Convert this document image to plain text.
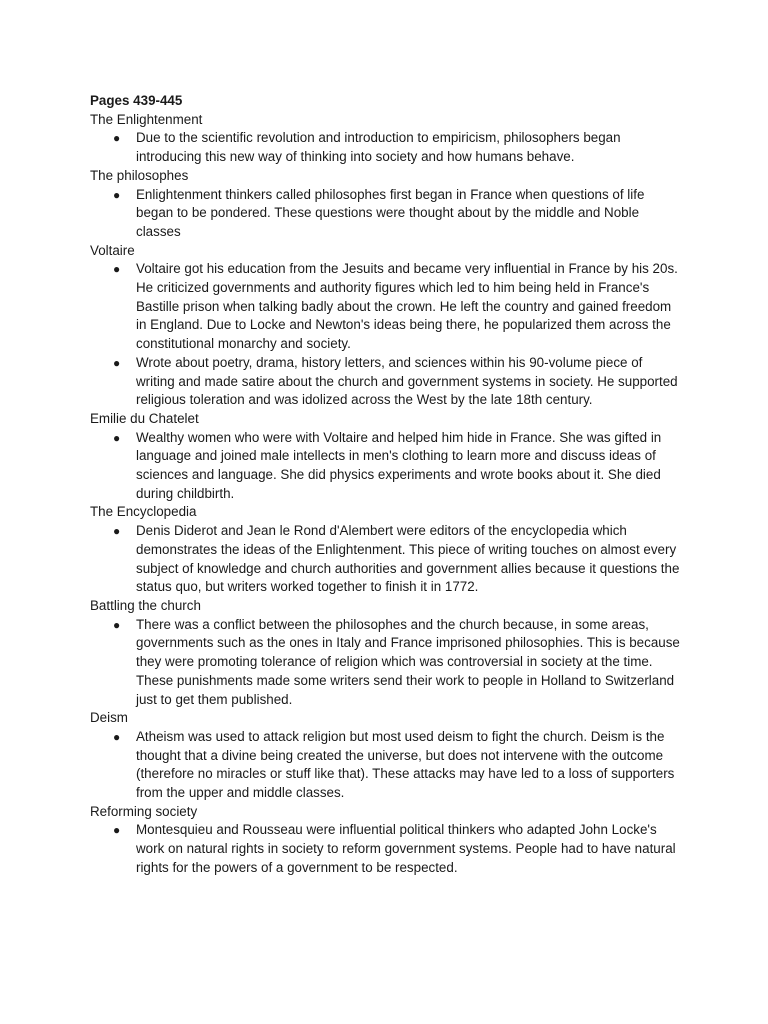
Pages 439-445
The Enlightenment
● Due to the scientific revolution and introduction to empiricism, philosophers began introducing this new way of thinking into society and how humans behave.
The philosophes
● Enlightenment thinkers called philosophes first began in France when questions of life began to be pondered. These questions were thought about by the middle and Noble classes
Voltaire
● Voltaire got his education from the Jesuits and became very influential in France by his 20s. He criticized governments and authority figures which led to him being held in France's Bastille prison when talking badly about the crown. He left the country and gained freedom in England. Due to Locke and Newton's ideas being there, he popularized them across the constitutional monarchy and society.
● Wrote about poetry, drama, history letters, and sciences within his 90-volume piece of writing and made satire about the church and government systems in society. He supported religious toleration and was idolized across the West by the late 18th century.
Emilie du Chatelet
● Wealthy women who were with Voltaire and helped him hide in France. She was gifted in language and joined male intellects in men's clothing to learn more and discuss ideas of sciences and language. She did physics experiments and wrote books about it. She died during childbirth.
The Encyclopedia
● Denis Diderot and Jean le Rond d'Alembert were editors of the encyclopedia which demonstrates the ideas of the Enlightenment. This piece of writing touches on almost every subject of knowledge and church authorities and government allies because it questions the status quo, but writers worked together to finish it in 1772.
Battling the church
● There was a conflict between the philosophes and the church because, in some areas, governments such as the ones in Italy and France imprisoned philosophies. This is because they were promoting tolerance of religion which was controversial in society at the time. These punishments made some writers send their work to people in Holland to Switzerland just to get them published.
Deism
● Atheism was used to attack religion but most used deism to fight the church. Deism is the thought that a divine being created the universe, but does not intervene with the outcome (therefore no miracles or stuff like that). These attacks may have led to a loss of supporters from the upper and middle classes.
Reforming society
● Montesquieu and Rousseau were influential political thinkers who adapted John Locke's work on natural rights in society to reform government systems. People had to have natural rights for the powers of a government to be respected.
